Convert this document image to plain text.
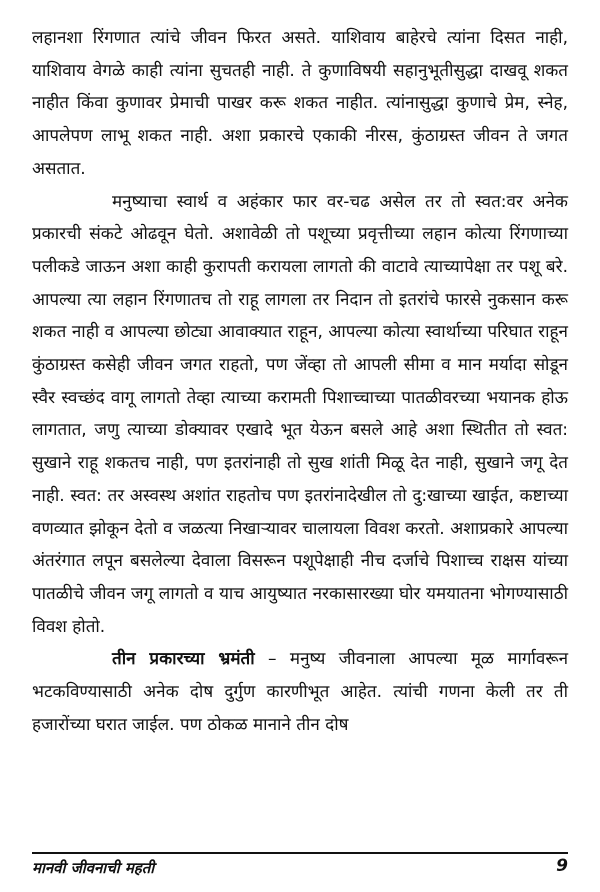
लहानशा रिंगणात त्यांचे जीवन फिरत असते. याशिवाय बाहेरचे त्यांना दिसत नाही, याशिवाय वेगळे काही त्यांना सुचतही नाही. ते कुणाविषयी सहानुभूतीसुद्धा दाखवू शकत नाहीत किंवा कुणावर प्रेमाची पाखर करू शकत नाहीत. त्यांनासुद्धा कुणाचे प्रेम, स्नेह, आपलेपण लाभू शकत नाही. अशा प्रकारचे एकाकी नीरस, कुंठाग्रस्त जीवन ते जगत असतात.

मनुष्याचा स्वार्थ व अहंकार फार वर-चढ असेल तर तो स्वत:वर अनेक प्रकारची संकटे ओढवून घेतो. अशावेळी तो पशूच्या प्रवृत्तीच्या लहान कोत्या रिंगणाच्या पलीकडे जाऊन अशा काही कुरापती करायला लागतो की वाटावे त्याच्यापेक्षा तर पशू बरे. आपल्या त्या लहान रिंगणातच तो राहू लागला तर निदान तो इतरांचे फारसे नुकसान करू शकत नाही व आपल्या छोट्या आवाक्यात राहून, आपल्या कोत्या स्वार्थाच्या परिघात राहून कुंठाग्रस्त कसेही जीवन जगत राहतो, पण जेंव्हा तो आपली सीमा व मान मर्यादा सोडून स्वैर स्वच्छंद वागू लागतो तेव्हा त्याच्या करामती पिशाच्चाच्या पातळीवरच्या भयानक होऊ लागतात, जणु त्याच्या डोक्यावर एखादे भूत येऊन बसले आहे अशा स्थितीत तो स्वत: सुखाने राहू शकतच नाही, पण इतरांनाही तो सुख शांती मिळू देत नाही, सुखाने जगू देत नाही. स्वत: तर अस्वस्थ अशांत राहतोच पण इतरांनादेखील तो दु:खाच्या खाईत, कष्टाच्या वणव्यात झोकून देतो व जळत्या निखाऱ्यावर चालायला विवश करतो. अशाप्रकारे आपल्या अंतरंगात लपून बसलेल्या देवाला विसरून पशूपेक्षाही नीच दर्जाचे पिशाच्च राक्षस यांच्या पातळीचे जीवन जगू लागतो व याच आयुष्यात नरकासारख्या घोर यमयातना भोगण्यासाठी विवश होतो.

तीन प्रकारच्या भ्रमंती – मनुष्य जीवनाला आपल्या मूळ मार्गावरून भटकविण्यासाठी अनेक दोष दुर्गुण कारणीभूत आहेत. त्यांची गणना केली तर ती हजारोंच्या घरात जाईल. पण ठोकळ मानाने तीन दोष

मानवी जीवनाची महती	9
